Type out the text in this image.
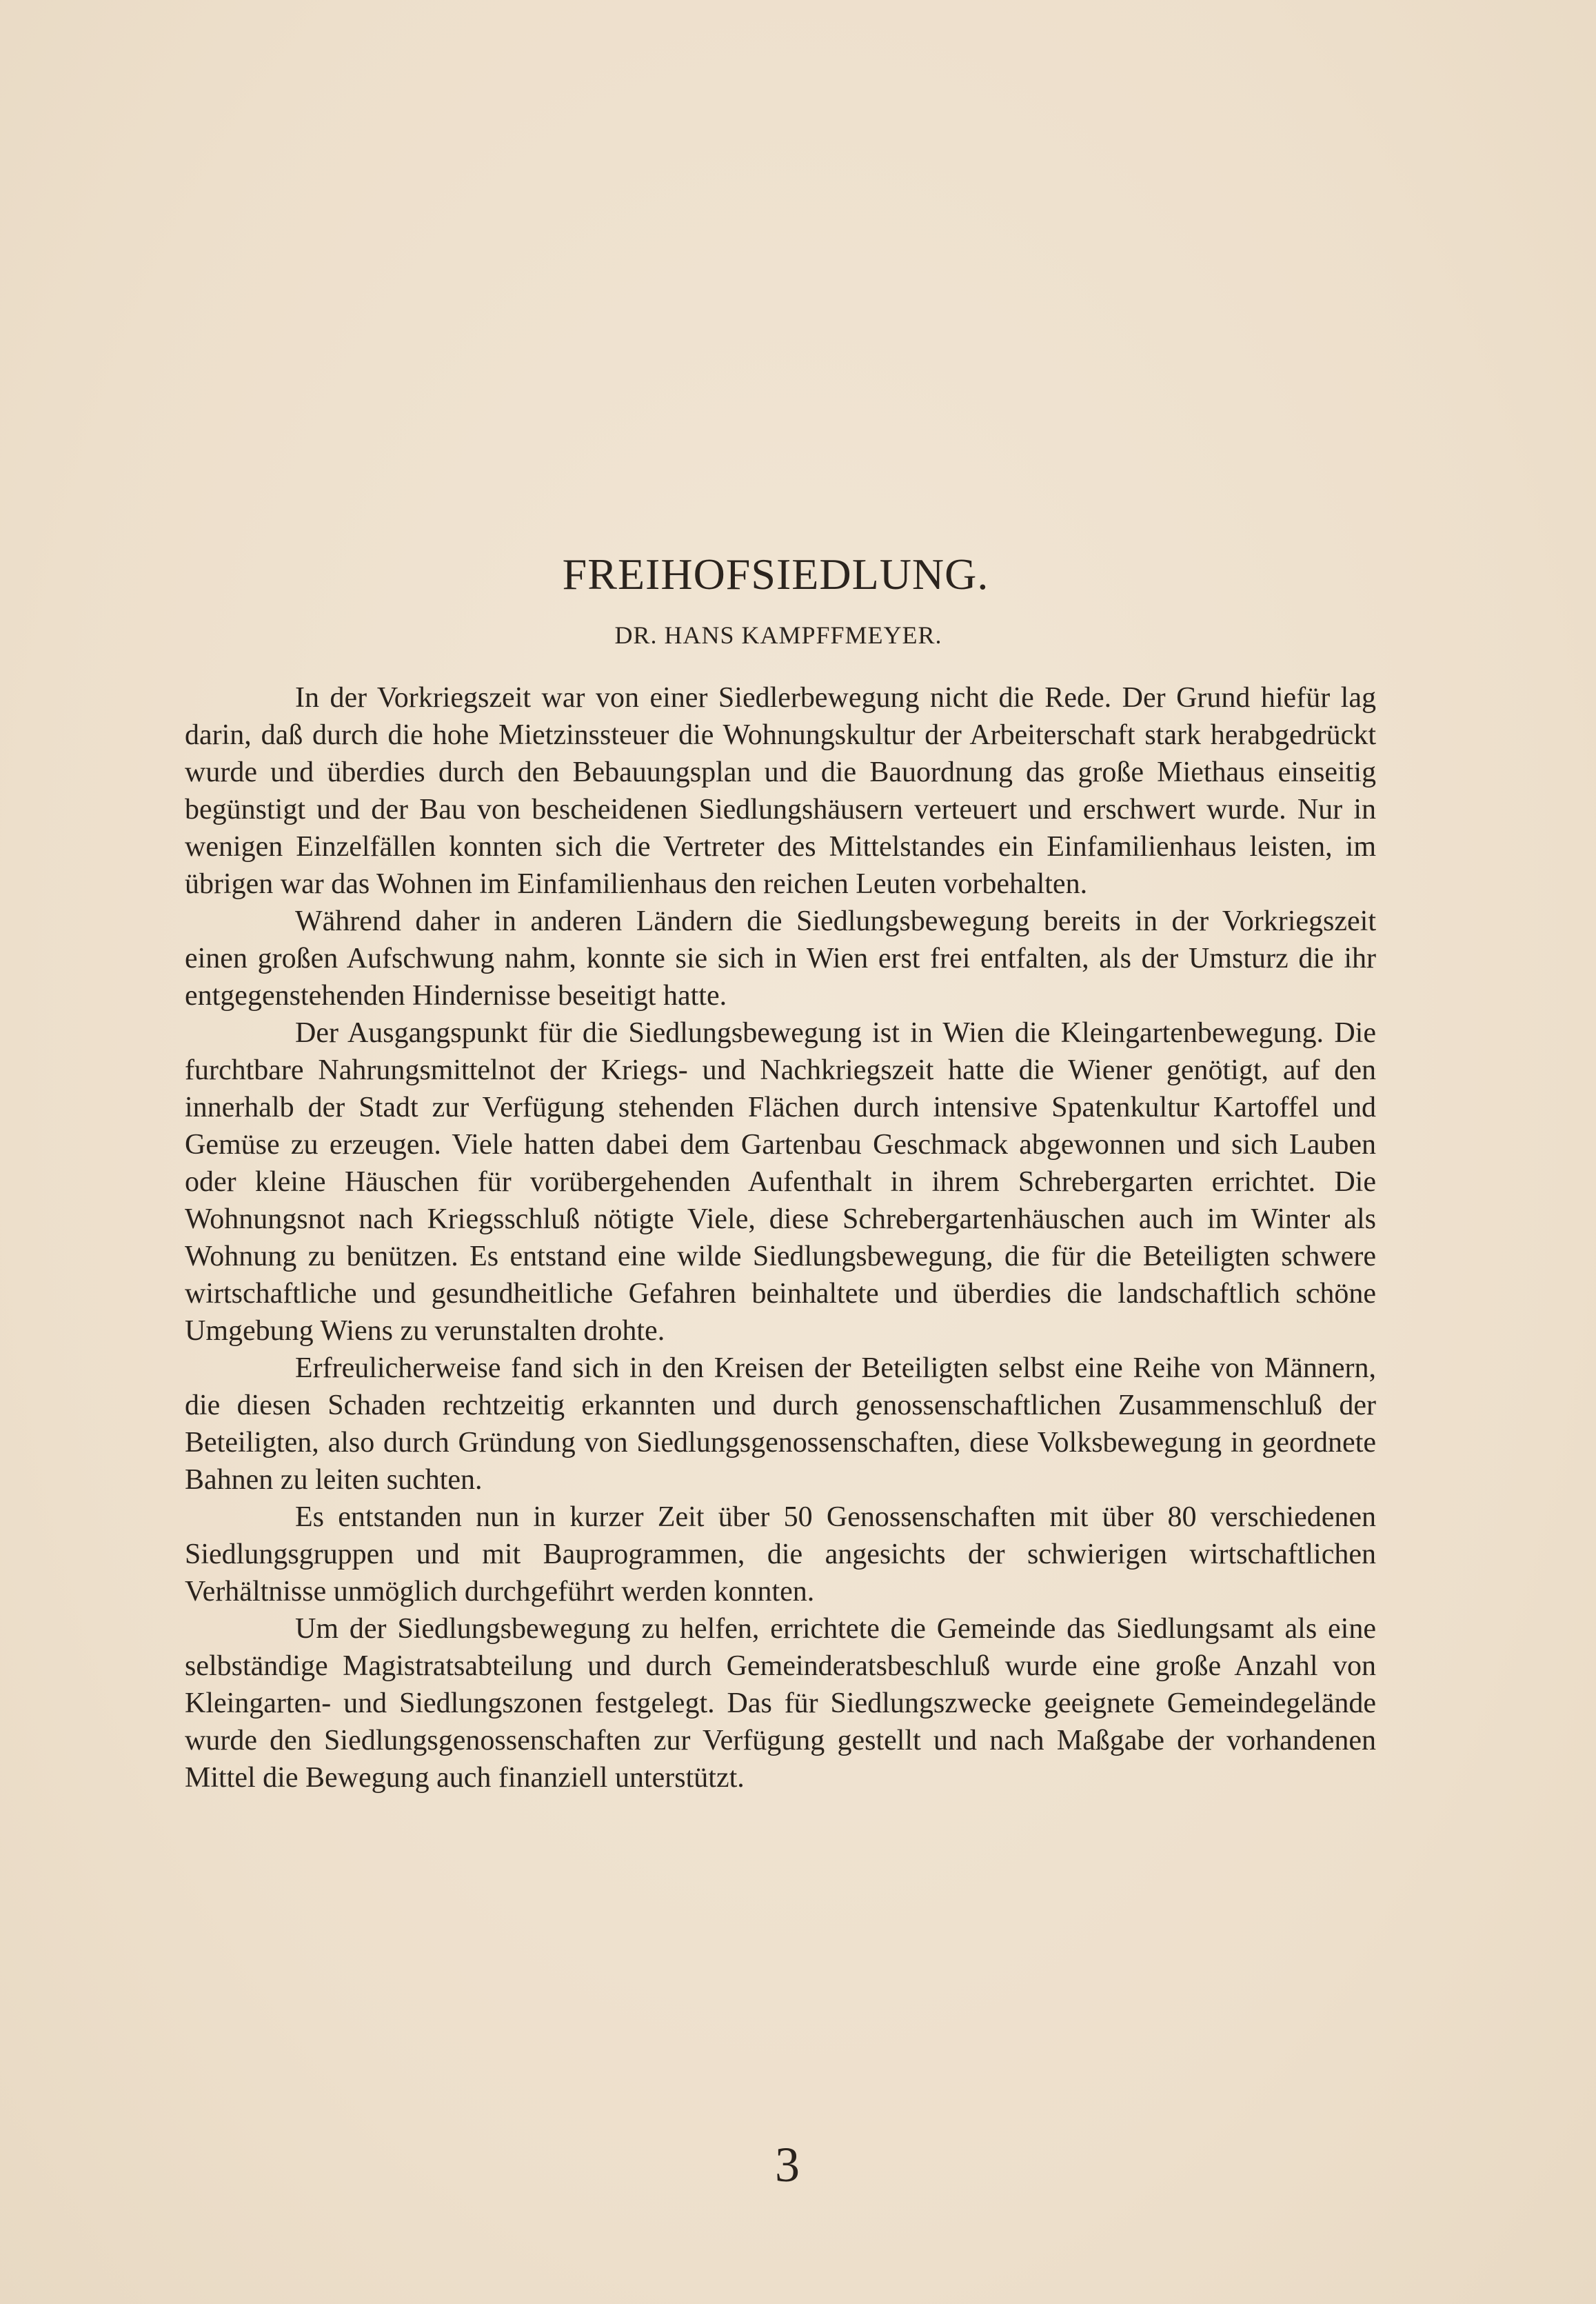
FREIHOFSIEDLUNG.
DR. HANS KAMPFFMEYER.

In der Vorkriegszeit war von einer Siedlerbewegung nicht die Rede. Der Grund hiefür lag darin, daß durch die hohe Mietzinssteuer die Wohnungskultur der Arbeiterschaft stark herabgedrückt wurde und überdies durch den Bebauungsplan und die Bauordnung das große Miethaus einseitig begünstigt und der Bau von bescheidenen Siedlungshäusern verteuert und erschwert wurde. Nur in wenigen Einzelfällen konnten sich die Vertreter des Mittelstandes ein Einfamilienhaus leisten, im übrigen war das Wohnen im Einfamilienhaus den reichen Leuten vorbehalten.

Während daher in anderen Ländern die Siedlungsbewegung bereits in der Vorkriegszeit einen großen Aufschwung nahm, konnte sie sich in Wien erst frei entfalten, als der Umsturz die ihr entgegenstehenden Hindernisse beseitigt hatte.

Der Ausgangspunkt für die Siedlungsbewegung ist in Wien die Kleingartenbewegung. Die furchtbare Nahrungsmittelnot der Kriegs- und Nachkriegszeit hatte die Wiener genötigt, auf den innerhalb der Stadt zur Verfügung stehenden Flächen durch intensive Spatenkultur Kartoffel und Gemüse zu erzeugen. Viele hatten dabei dem Gartenbau Geschmack abgewonnen und sich Lauben oder kleine Häuschen für vorübergehenden Aufenthalt in ihrem Schrebergarten errichtet. Die Wohnungsnot nach Kriegsschluß nötigte Viele, diese Schrebergartenhäuschen auch im Winter als Wohnung zu benützen. Es entstand eine wilde Siedlungsbewegung, die für die Beteiligten schwere wirtschaftliche und gesundheitliche Gefahren beinhaltete und überdies die landschaftlich schöne Umgebung Wiens zu verunstalten drohte.

Erfreulicherweise fand sich in den Kreisen der Beteiligten selbst eine Reihe von Männern, die diesen Schaden rechtzeitig erkannten und durch genossenschaftlichen Zusammenschluß der Beteiligten, also durch Gründung von Siedlungsgenossenschaften, diese Volksbewegung in geordnete Bahnen zu leiten suchten.

Es entstanden nun in kurzer Zeit über 50 Genossenschaften mit über 80 verschiedenen Siedlungsgruppen und mit Bauprogrammen, die angesichts der schwierigen wirtschaftlichen Verhältnisse unmöglich durchgeführt werden konnten.

Um der Siedlungsbewegung zu helfen, errichtete die Gemeinde das Siedlungsamt als eine selbständige Magistratsabteilung und durch Gemeinderatsbeschluß wurde eine große Anzahl von Kleingarten- und Siedlungszonen festgelegt. Das für Siedlungszwecke geeignete Gemeindegelände wurde den Siedlungsgenossenschaften zur Verfügung gestellt und nach Maßgabe der vorhandenen Mittel die Bewegung auch finanziell unterstützt.

3
